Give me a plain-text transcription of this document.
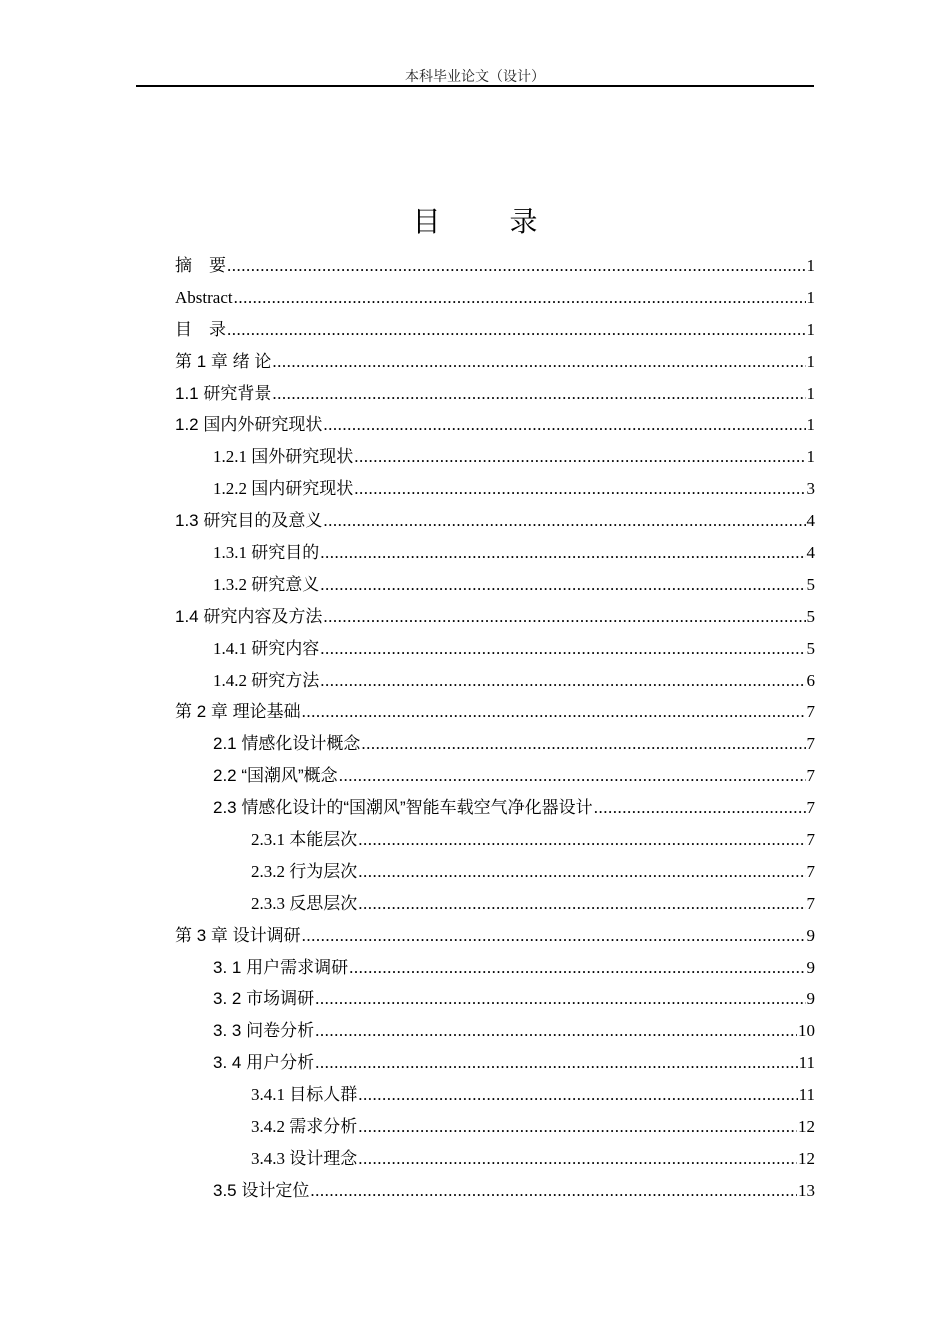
本科毕业论文（设计）
目 录
摘　要 .....	1
Abstract .....	1
目　录 .....	1
第 1 章 绪 论 .....	1
1.1 研究背景 .....	1
1.2 国内外研究现状 .....	1
1.2.1 国外研究现状 .....	1
1.2.2 国内研究现状 .....	3
1.3 研究目的及意义 .....	4
1.3.1 研究目的 .....	4
1.3.2 研究意义 .....	5
1.4 研究内容及方法 .....	5
1.4.1 研究内容 .....	5
1.4.2 研究方法 .....	6
第 2 章 理论基础 .....	7
2.1 情感化设计概念 .....	7
2.2 “国潮风”概念 .....	7
2.3 情感化设计的“国潮风”智能车载空气净化器设计 .....	7
2.3.1 本能层次 .....	7
2.3.2 行为层次 .....	7
2.3.3 反思层次 .....	7
第 3 章 设计调研 .....	9
3. 1 用户需求调研 .....	9
3. 2 市场调研 .....	9
3. 3 问卷分析 .....	10
3. 4 用户分析 .....	11
3.4.1 目标人群 .....	11
3.4.2 需求分析 .....	12
3.4.3 设计理念 .....	12
3.5 设计定位 .....	13
